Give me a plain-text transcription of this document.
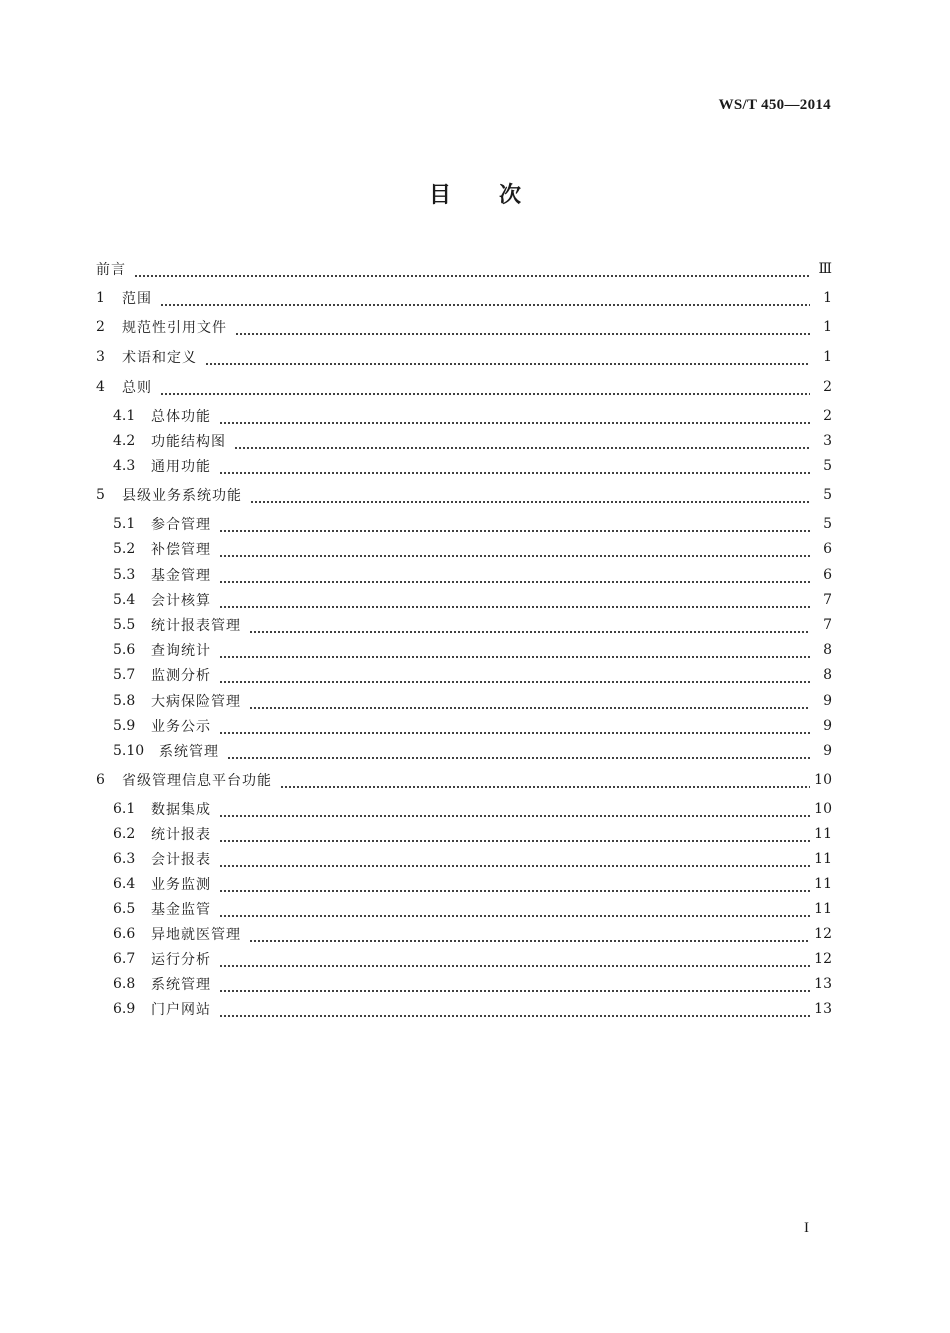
WS/T 450—2014
目次
前言	Ⅲ
1	范围	1
2	规范性引用文件	1
3	术语和定义	1
4	总则	2
4.1	总体功能	2
4.2	功能结构图	3
4.3	通用功能	5
5	县级业务系统功能	5
5.1	参合管理	5
5.2	补偿管理	6
5.3	基金管理	6
5.4	会计核算	7
5.5	统计报表管理	7
5.6	查询统计	8
5.7	监测分析	8
5.8	大病保险管理	9
5.9	业务公示	9
5.10	系统管理	9
6	省级管理信息平台功能	10
6.1	数据集成	10
6.2	统计报表	11
6.3	会计报表	11
6.4	业务监测	11
6.5	基金监管	11
6.6	异地就医管理	12
6.7	运行分析	12
6.8	系统管理	13
6.9	门户网站	13
I
